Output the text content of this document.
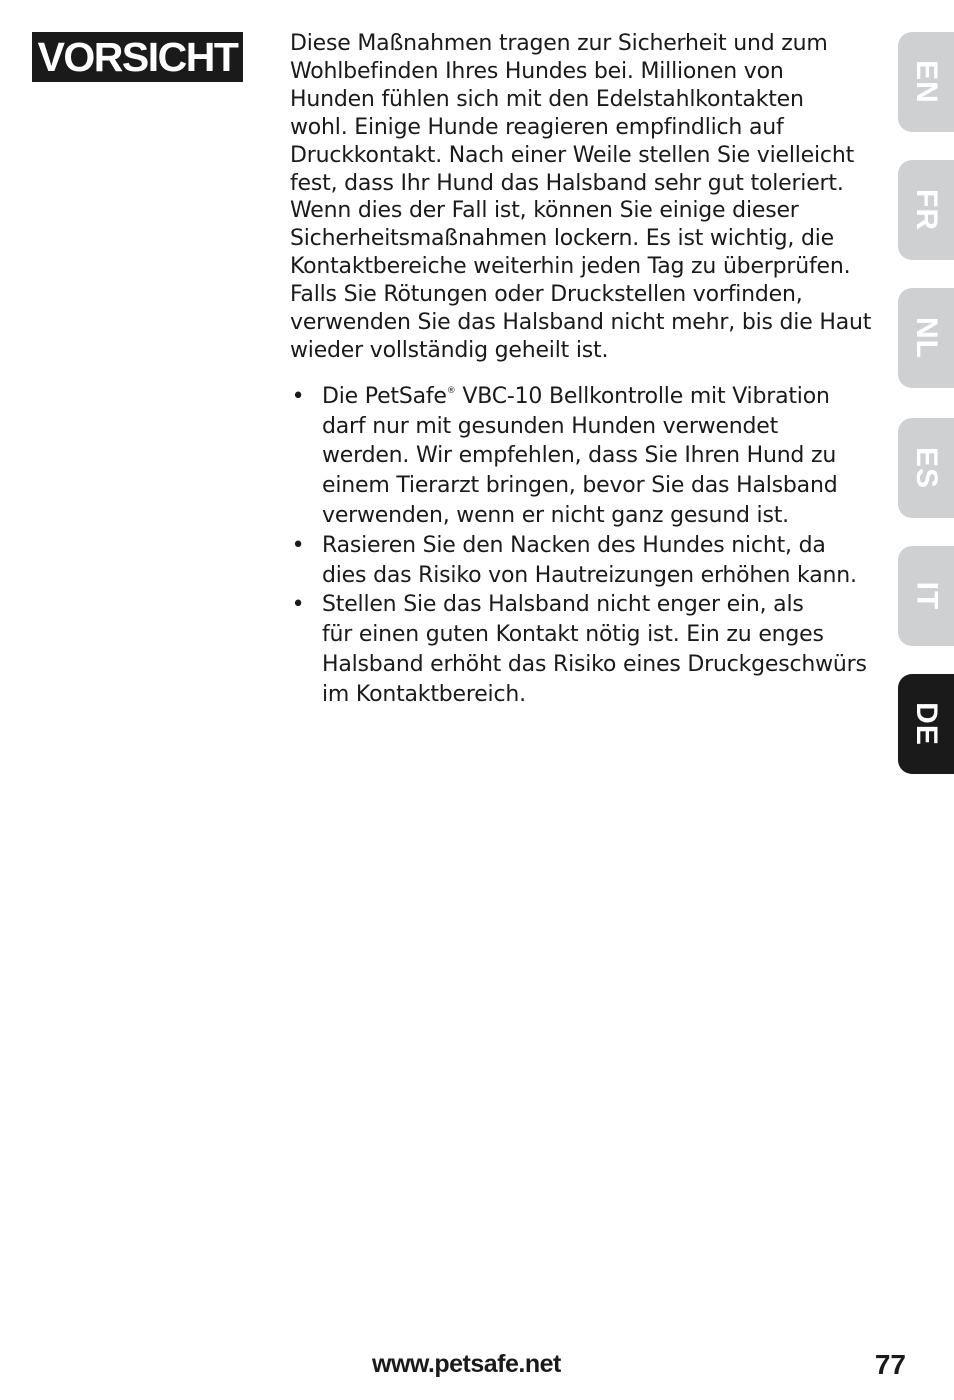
VORSICHT Diese Maßnahmen tragen zur Sicherheit und zum
Wohlbefinden Ihres Hundes bei. Millionen von
Hunden fühlen sich mit den Edelstahlkontakten
wohl. Einige Hunde reagieren empfindlich auf
Druckkontakt. Nach einer Weile stellen Sie vielleicht
fest, dass Ihr Hund das Halsband sehr gut toleriert.
Wenn dies der Fall ist, können Sie einige dieser
Sicherheitsmaßnahmen lockern. Es ist wichtig, die
Kontaktbereiche weiterhin jeden Tag zu überprüfen.
Falls Sie Rötungen oder Druckstellen vorfinden,
verwenden Sie das Halsband nicht mehr, bis die Haut
wieder vollständig geheilt ist.

• Die PetSafe® VBC-10 Bellkontrolle mit Vibration
darf nur mit gesunden Hunden verwendet
werden. Wir empfehlen, dass Sie Ihren Hund zu
einem Tierarzt bringen, bevor Sie das Halsband
verwenden, wenn er nicht ganz gesund ist.
• Rasieren Sie den Nacken des Hundes nicht, da
dies das Risiko von Hautreizungen erhöhen kann.
• Stellen Sie das Halsband nicht enger ein, als
für einen guten Kontakt nötig ist. Ein zu enges
Halsband erhöht das Risiko eines Druckgeschwürs
im Kontaktbereich.
EN
FR
NL
ES
IT
DE
www.petsafe.net	77
